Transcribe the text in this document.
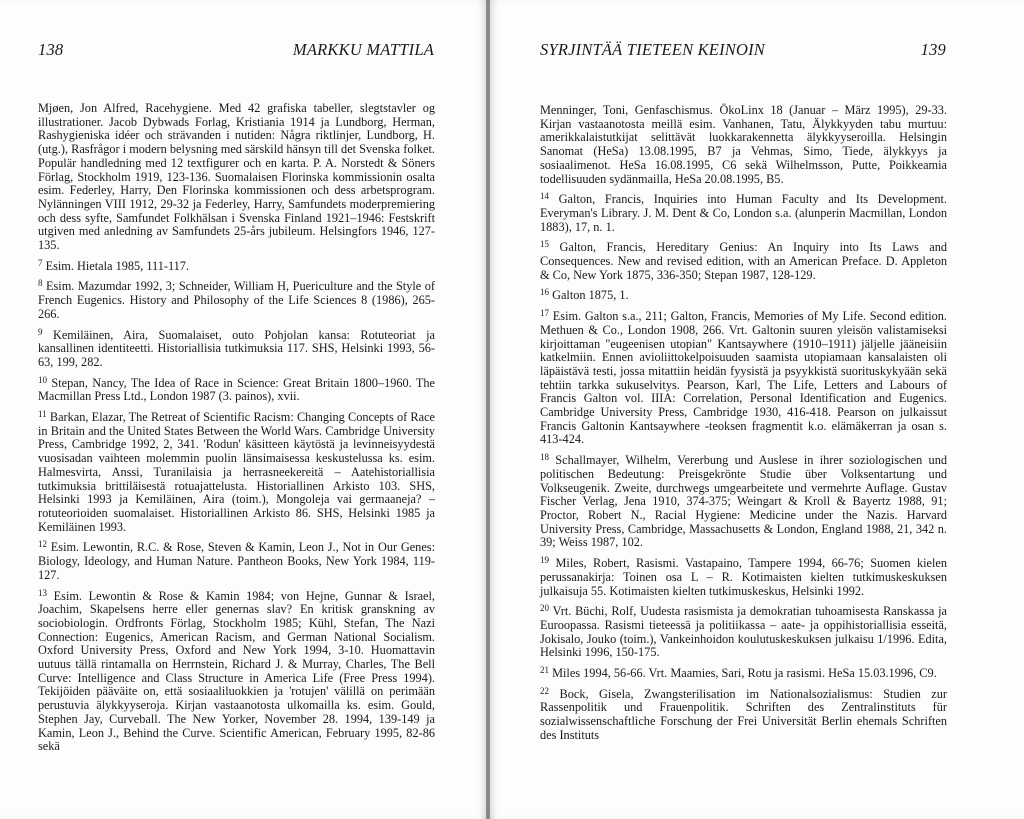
138	MARKKU MATTILA

Mjøen, Jon Alfred, Racehygiene. Med 42 grafiska tabeller, slegtstavler og illustrationer. Jacob Dybwads Forlag, Kristiania 1914 ja Lundborg, Herman, Rashygieniska idéer och strävanden i nutiden: Några riktlinjer, Lundborg, H. (utg.), Rasfrågor i modern belysning med särskild hänsyn till det Svenska folket. Populär handledning med 12 textfigurer och en karta. P. A. Norstedt & Söners Förlag, Stockholm 1919, 123-136. Suomalaisen Florinska kommissionin osalta esim. Federley, Harry, Den Florinska kommissionen och dess arbetsprogram. Nylänningen VIII 1912, 29-32 ja Federley, Harry, Samfundets moderpremiering och dess syfte, Samfundet Folkhälsan i Svenska Finland 1921–1946: Festskrift utgiven med anledning av Samfundets 25-års jubileum. Helsingfors 1946, 127-135.

$^7$ Esim. Hietala 1985, 111-117.

$^8$ Esim. Mazumdar 1992, 3; Schneider, William H, Puericulture and the Style of French Eugenics. History and Philosophy of the Life Sciences 8 (1986), 265-266.

$^9$ Kemiläinen, Aira, Suomalaiset, outo Pohjolan kansa: Rotuteoriat ja kansallinen identiteetti. Historiallisia tutkimuksia 117. SHS, Helsinki 1993, 56-63, 199, 282.

$^{10}$ Stepan, Nancy, The Idea of Race in Science: Great Britain 1800–1960. The Macmillan Press Ltd., London 1987 (3. painos), xvii.

$^{11}$ Barkan, Elazar, The Retreat of Scientific Racism: Changing Concepts of Race in Britain and the United States Between the World Wars. Cambridge University Press, Cambridge 1992, 2, 341. 'Rodun' käsitteen käytöstä ja levinneisyydestä vuosisadan vaihteen molemmin puolin länsimaisessa keskustelussa ks. esim. Halmesvirta, Anssi, Turanilaisia ja herrasneekereitä – Aatehistoriallisia tutkimuksia brittiläisestä rotuajattelusta. Historiallinen Arkisto 103. SHS, Helsinki 1993 ja Kemiläinen, Aira (toim.), Mongoleja vai germaaneja? –rotuteorioiden suomalaiset. Historiallinen Arkisto 86. SHS, Helsinki 1985 ja Kemiläinen 1993.

$^{12}$ Esim. Lewontin, R.C. & Rose, Steven & Kamin, Leon J., Not in Our Genes: Biology, Ideology, and Human Nature. Pantheon Books, New York 1984, 119-127.

$^{13}$ Esim. Lewontin & Rose & Kamin 1984; von Hejne, Gunnar & Israel, Joachim, Skapelsens herre eller genernas slav? En kritisk granskning av sociobiologin. Ordfronts Förlag, Stockholm 1985; Kühl, Stefan, The Nazi Connection: Eugenics, American Racism, and German National Socialism. Oxford University Press, Oxford and New York 1994, 3-10. Huomattavin uutuus tällä rintamalla on Herrnstein, Richard J. & Murray, Charles, The Bell Curve: Intelligence and Class Structure in America Life (Free Press 1994). Tekijöiden pääväite on, että sosiaaliluokkien ja 'rotujen' välillä on perimään perustuvia älykkyyseroja. Kirjan vastaanotosta ulkomailla ks. esim. Gould, Stephen Jay, Curveball. The New Yorker, November 28. 1994, 139-149 ja Kamin, Leon J., Behind the Curve. Scientific American, February 1995, 82-86 sekä

SYRJINTÄÄ TIETEEN KEINOIN	139

Menninger, Toni, Genfaschismus. ÖkoLinx 18 (Januar – März 1995), 29-33. Kirjan vastaanotosta meillä esim. Vanhanen, Tatu, Älykkyyden tabu murtuu: amerikkalaistutkijat selittävät luokkarakennetta älykkyyseroilla. Helsingin Sanomat (HeSa) 13.08.1995, B7 ja Vehmas, Simo, Tiede, älykkyys ja sosiaalimenot. HeSa 16.08.1995, C6 sekä Wilhelmsson, Putte, Poikkeamia todellisuuden sydänmailla, HeSa 20.08.1995, B5.

$^{14}$ Galton, Francis, Inquiries into Human Faculty and Its Development. Everyman's Library. J. M. Dent & Co, London s.a. (alunperin Macmillan, London 1883), 17, n. 1.

$^{15}$ Galton, Francis, Hereditary Genius: An Inquiry into Its Laws and Consequences. New and revised edition, with an American Preface. D. Appleton & Co, New York 1875, 336-350; Stepan 1987, 128-129.

$^{16}$ Galton 1875, 1.

$^{17}$ Esim. Galton s.a., 211; Galton, Francis, Memories of My Life. Second edition. Methuen & Co., London 1908, 266. Vrt. Galtonin suuren yleisön valistamiseksi kirjoittaman "eugeenisen utopian" Kantsaywhere (1910–1911) jäljelle jääneisiin katkelmiin. Ennen avioliittokelpoisuuden saamista utopiamaan kansalaisten oli läpäistävä testi, jossa mitattiin heidän fyysistä ja psyykkistä suorituskykyään sekä tehtiin tarkka sukuselvitys. Pearson, Karl, The Life, Letters and Labours of Francis Galton vol. IIIA: Correlation, Personal Identification and Eugenics. Cambridge University Press, Cambridge 1930, 416-418. Pearson on julkaissut Francis Galtonin Kantsaywhere -teoksen fragmentit k.o. elämäkerran ja osan s. 413-424.

$^{18}$ Schallmayer, Wilhelm, Vererbung und Auslese in ihrer soziologischen und politischen Bedeutung: Preisgekrönte Studie über Volksentartung und Volkseugenik. Zweite, durchwegs umgearbeitete und vermehrte Auflage. Gustav Fischer Verlag, Jena 1910, 374-375; Weingart & Kroll & Bayertz 1988, 91; Proctor, Robert N., Racial Hygiene: Medicine under the Nazis. Harvard University Press, Cambridge, Massachusetts & London, England 1988, 21, 342 n. 39; Weiss 1987, 102.

$^{19}$ Miles, Robert, Rasismi. Vastapaino, Tampere 1994, 66-76; Suomen kielen perussanakirja: Toinen osa L – R. Kotimaisten kielten tutkimuskeskuksen julkaisuja 55. Kotimaisten kielten tutkimuskeskus, Helsinki 1992.

$^{20}$ Vrt. Büchi, Rolf, Uudesta rasismista ja demokratian tuhoamisesta Ranskassa ja Euroopassa. Rasismi tieteessä ja politiikassa – aate- ja oppihistoriallisia esseitä, Jokisalo, Jouko (toim.), Vankeinhoidon koulutuskeskuksen julkaisu 1/1996. Edita, Helsinki 1996, 150-175.

$^{21}$ Miles 1994, 56-66. Vrt. Maamies, Sari, Rotu ja rasismi. HeSa 15.03.1996, C9.

$^{22}$ Bock, Gisela, Zwangsterilisation im Nationalsozialismus: Studien zur Rassenpolitik und Frauenpolitik. Schriften des Zentralinstituts für sozialwissenschaftliche Forschung der Frei Universität Berlin ehemals Schriften des Instituts
